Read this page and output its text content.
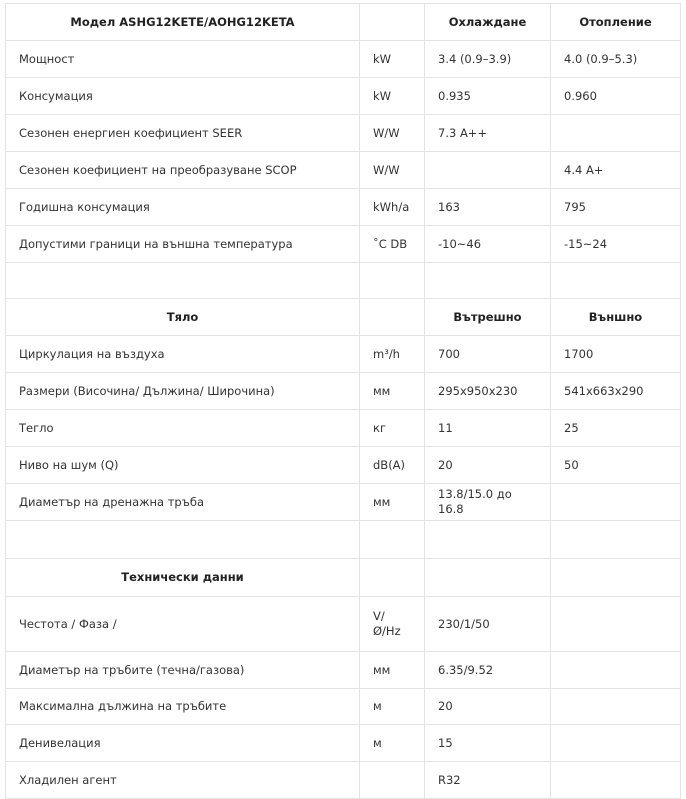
Модел ASHG12KETE/AOHG12KETA		Охлаждане	Отопление
Мощност	kW	3.4 (0.9–3.9)	4.0 (0.9–5.3)
Консумация	kW	0.935	0.960
Сезонен енергиен коефициент SEER	W/W	7.3 A++	
Сезонен коефициент на преобразуване SCOP	W/W		4.4 A+
Годишна консумация	kWh/a	163	795
Допустими граници на външна температура	˚C DB	-10~46	-15~24

Тяло		Вътрешно	Външно
Циркулация на въздуха	m³/h	700	1700
Размери (Височина/ Дължина/ Широчина)	мм	295x950x230	541x663x290
Тегло	кг	11	25
Ниво на шум (Q)	dB(A)	20	50
Диаметър на дренажна тръба	мм	13.8/15.0 до 16.8	

Технически данни			
Честота / Фаза /	V/ Ø/Hz	230/1/50	
Диаметър на тръбите (течна/газова)	мм	6.35/9.52	
Максимална дължина на тръбите	м	20	
Денивелация	м	15	
Хладилен агент		R32	
